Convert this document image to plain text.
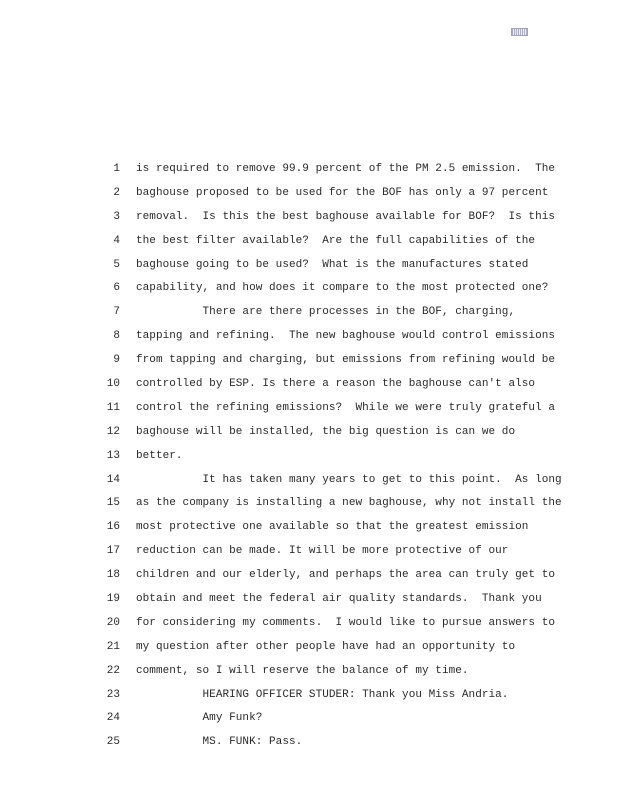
1 is required to remove 99.9 percent of the PM 2.5 emission.  The
2 baghouse proposed to be used for the BOF has only a 97 percent
3 removal.  Is this the best baghouse available for BOF?  Is this
4 the best filter available?  Are the full capabilities of the
5 baghouse going to be used?  What is the manufactures stated
6 capability, and how does it compare to the most protected one?
7 There are there processes in the BOF, charging,
8 tapping and refining.  The new baghouse would control emissions
9 from tapping and charging, but emissions from refining would be
10 controlled by ESP. Is there a reason the baghouse can't also
11 control the refining emissions?  While we were truly grateful a
12 baghouse will be installed, the big question is can we do
13 better.
14 It has taken many years to get to this point.  As long
15 as the company is installing a new baghouse, why not install the
16 most protective one available so that the greatest emission
17 reduction can be made. It will be more protective of our
18 children and our elderly, and perhaps the area can truly get to
19 obtain and meet the federal air quality standards.  Thank you
20 for considering my comments.  I would like to pursue answers to
21 my question after other people have had an opportunity to
22 comment, so I will reserve the balance of my time.
23 HEARING OFFICER STUDER: Thank you Miss Andria.
24 Amy Funk?
25 MS. FUNK: Pass.
